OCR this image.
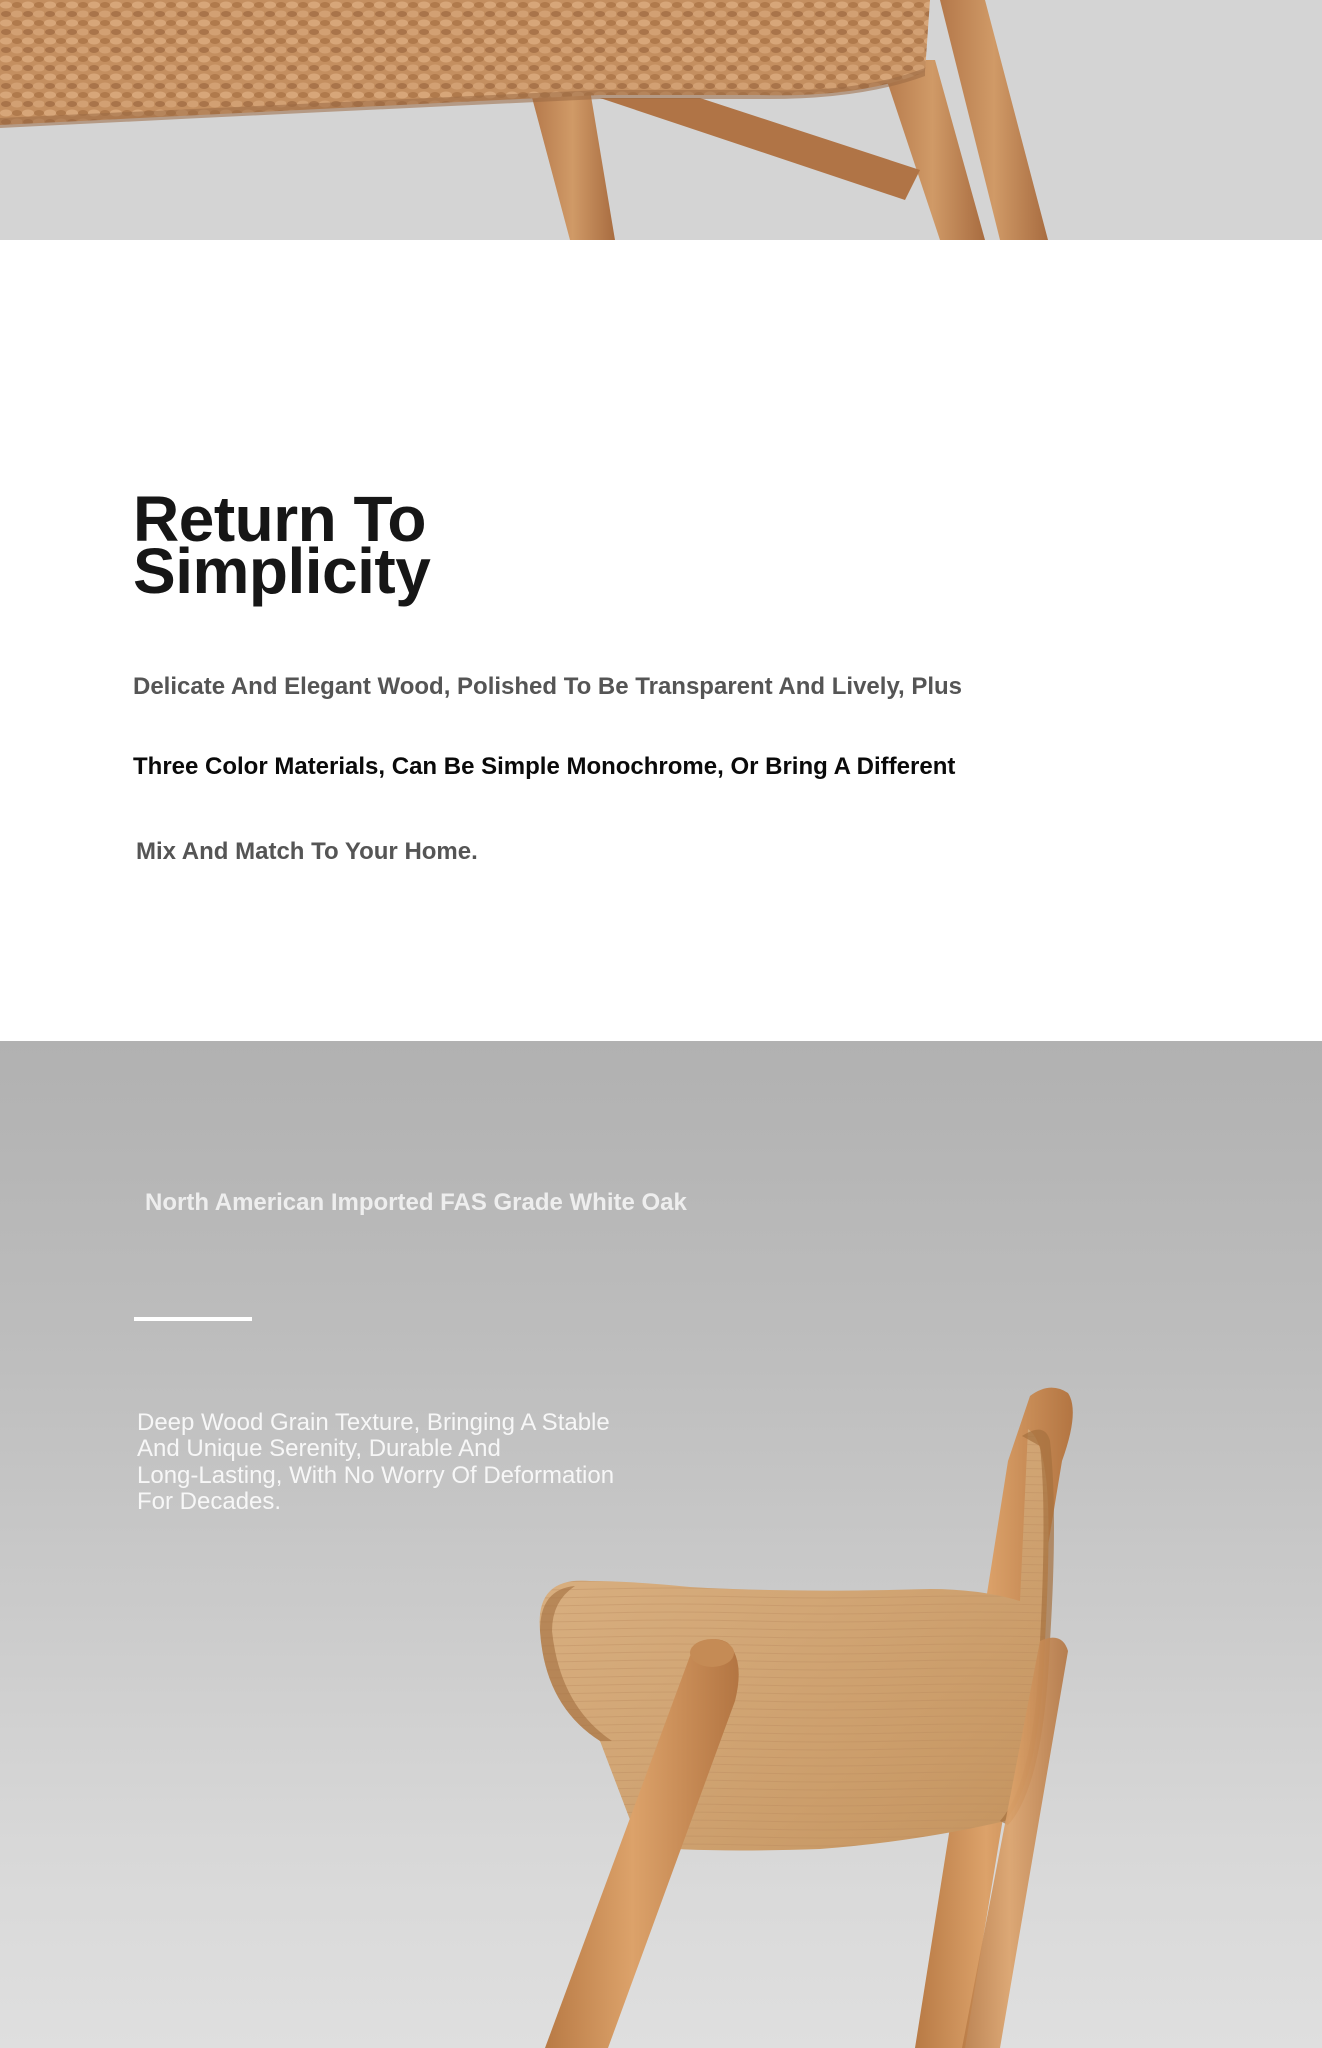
Return To
Simplicity

Delicate And Elegant Wood, Polished To Be Transparent And Lively, Plus

Three Color Materials, Can Be Simple Monochrome, Or Bring A Different

Mix And Match To Your Home.

North American Imported FAS Grade White Oak

Deep Wood Grain Texture, Bringing A Stable

And Unique Serenity, Durable And

Long-Lasting, With No Worry Of Deformation

For Decades.
